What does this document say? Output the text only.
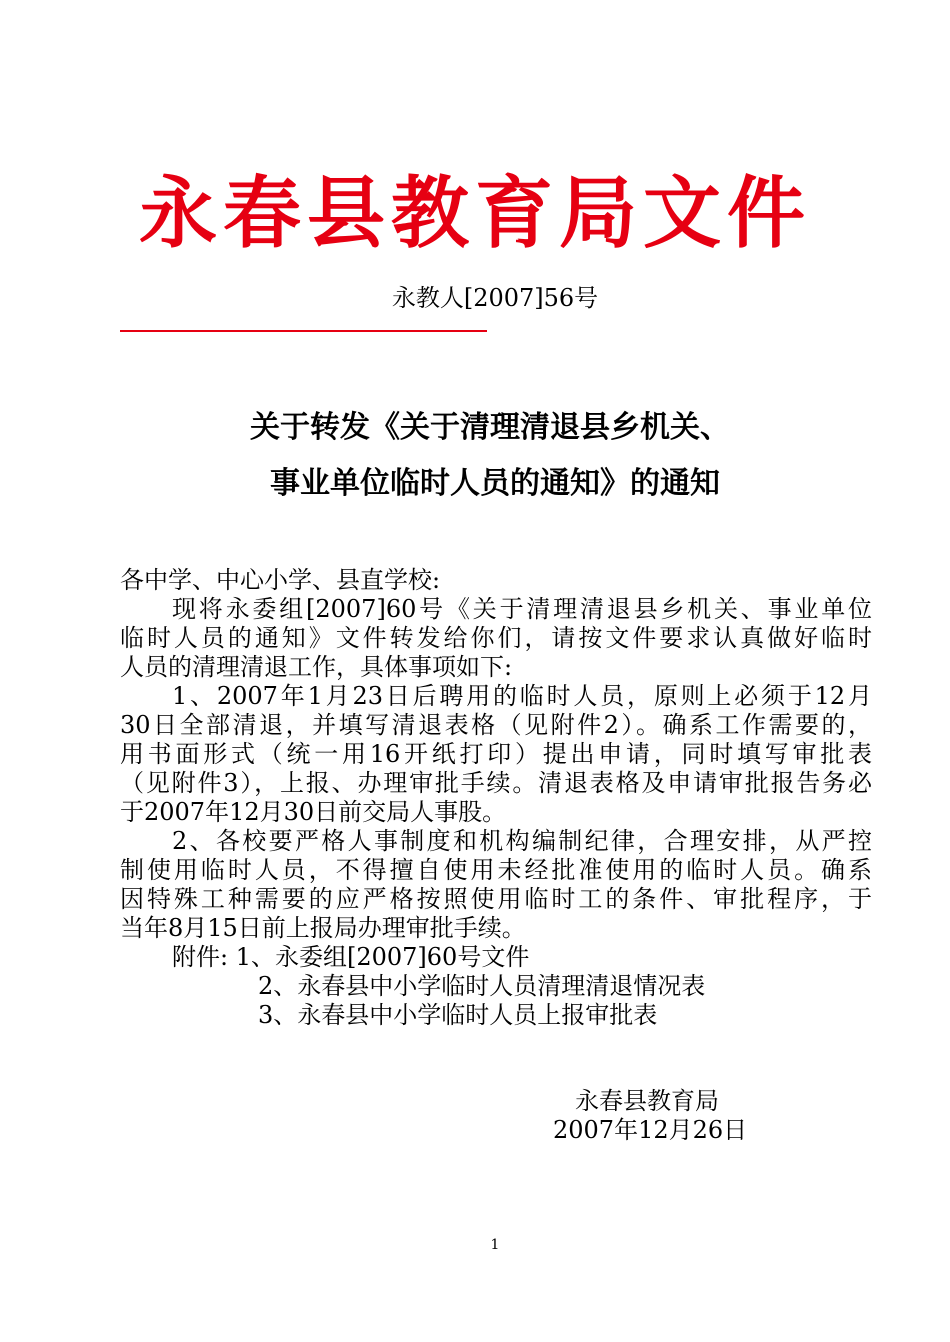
永春县教育局文件
永教人[2007]56号
关于转发《关于清理清退县乡机关、
事业单位临时人员的通知》的通知
各中学、中心小学、县直学校:
现将永委组[2007]60号《关于清理清退县乡机关、事业单位
临时人员的通知》文件转发给你们，请按文件要求认真做好临时
人员的清理清退工作，具体事项如下:
1、2007年1月23日后聘用的临时人员，原则上必须于12月
30日全部清退，并填写清退表格（见附件2）。确系工作需要的，
用书面形式（统一用16开纸打印）提出申请，同时填写审批表
（见附件3），上报、办理审批手续。清退表格及申请审批报告务必
于2007年12月30日前交局人事股。
2、各校要严格人事制度和机构编制纪律，合理安排，从严控
制使用临时人员，不得擅自使用未经批准使用的临时人员。确系
因特殊工种需要的应严格按照使用临时工的条件、审批程序，于
当年8月15日前上报局办理审批手续。
附件: 1、永委组[2007]60号文件
2、永春县中小学临时人员清理清退情况表
3、永春县中小学临时人员上报审批表
永春县教育局
2007年12月26日
1
